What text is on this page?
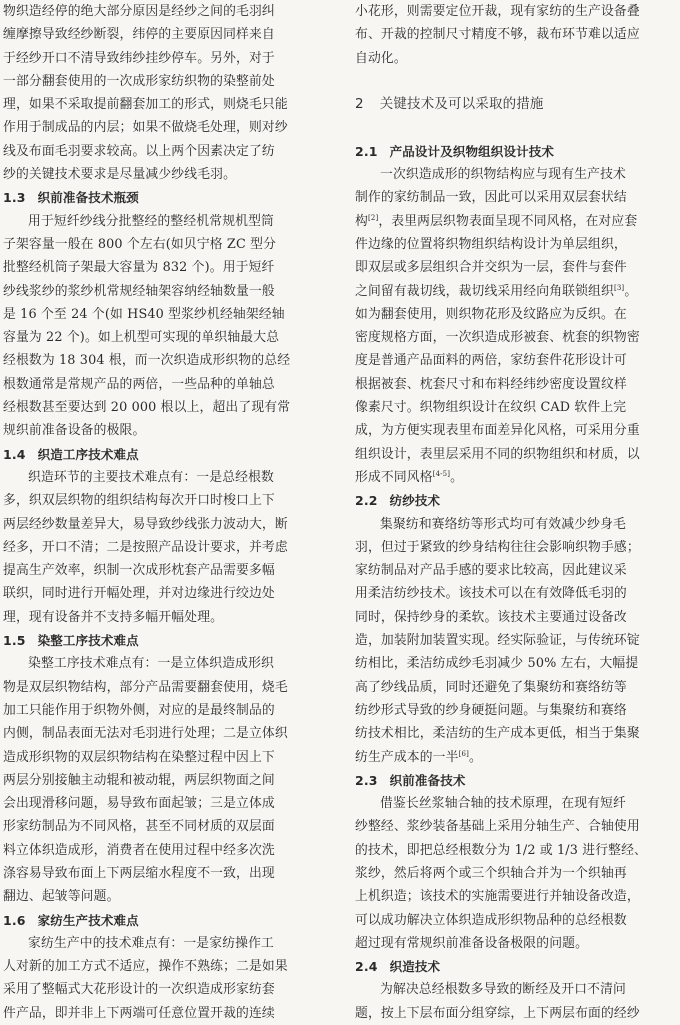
物织造经停的绝大部分原因是经纱之间的毛羽纠
缠摩擦导致经纱断裂，纬停的主要原因同样来自
于经纱开口不清导致纬纱挂纱停车。另外，对于
一部分翻套使用的一次成形家纺织物的染整前处
理，如果不采取提前翻套加工的形式，则烧毛只能
作用于制成品的内层；如果不做烧毛处理，则对纱
线及布面毛羽要求较高。以上两个因素决定了纺
纱的关键技术要求是尽量减少纱线毛羽。
1.3 织前准备技术瓶颈
用于短纤纱线分批整经的整经机常规机型筒
子架容量一般在 800 个左右(如贝宁格 ZC 型分
批整经机筒子架最大容量为 832 个)。用于短纤
纱线浆纱的浆纱机常规经轴架容纳经轴数量一般
是 16 个至 24 个(如 HS40 型浆纱机经轴架经轴
容量为 22 个)。如上机型可实现的单织轴最大总
经根数为 18 304 根，而一次织造成形织物的总经
根数通常是常规产品的两倍，一些品种的单轴总
经根数甚至要达到 20 000 根以上，超出了现有常
规织前准备设备的极限。
1.4 织造工序技术难点
织造环节的主要技术难点有：一是总经根数
多，织双层织物的组织结构每次开口时梭口上下
两层经纱数量差异大，易导致纱线张力波动大，断
经多，开口不清；二是按照产品设计要求，并考虑
提高生产效率，织制一次成形枕套产品需要多幅
联织，同时进行开幅处理，并对边缘进行绞边处
理，现有设备并不支持多幅开幅处理。
1.5 染整工序技术难点
染整工序技术难点有：一是立体织造成形织
物是双层织物结构，部分产品需要翻套使用，烧毛
加工只能作用于织物外侧，对应的是最终制品的
内侧，制品表面无法对毛羽进行处理；二是立体织
造成形织物的双层织物结构在染整过程中因上下
两层分别接触主动辊和被动辊，两层织物面之间
会出现滑移问题，易导致布面起皱；三是立体成
形家纺制品为不同风格，甚至不同材质的双层面
料立体织造成形，消费者在使用过程中经多次洗
涤容易导致布面上下两层缩水程度不一致，出现
翻边、起皱等问题。
1.6 家纺生产技术难点
家纺生产中的技术难点有：一是家纺操作工
人对新的加工方式不适应，操作不熟练；二是如果
采用了整幅式大花形设计的一次织造成形家纺套
件产品，即并非上下两端可任意位置开裁的连续
小花形，则需要定位开裁，现有家纺的生产设备叠
布、开裁的控制尺寸精度不够，裁布环节难以适应
自动化。
2 关键技术及可以采取的措施
2.1 产品设计及织物组织设计技术
一次织造成形的织物结构应与现有生产技术
制作的家纺制品一致，因此可以采用双层套状结
构[2]，表里两层织物表面呈现不同风格，在对应套
件边缘的位置将织物组织结构设计为单层组织，
即双层或多层组织合并交织为一层，套件与套件
之间留有裁切线，裁切线采用经向角联锁组织[3]。
如为翻套使用，则织物花形及纹路应为反织。在
密度规格方面，一次织造成形被套、枕套的织物密
度是普通产品面料的两倍，家纺套件花形设计可
根据被套、枕套尺寸和布料经纬纱密度设置纹样
像素尺寸。织物组织设计在纹织 CAD 软件上完
成，为方便实现表里布面差异化风格，可采用分重
组织设计，表里层采用不同的织物组织和材质，以
形成不同风格[4-5]。
2.2 纺纱技术
集聚纺和赛络纺等形式均可有效减少纱身毛
羽，但过于紧致的纱身结构往往会影响织物手感；
家纺制品对产品手感的要求比较高，因此建议采
用柔洁纺纱技术。该技术可以在有效降低毛羽的
同时，保持纱身的柔软。该技术主要通过设备改
造，加装附加装置实现。经实际验证，与传统环锭
纺相比，柔洁纺成纱毛羽减少 50% 左右，大幅提
高了纱线品质，同时还避免了集聚纺和赛络纺等
纺纱形式导致的纱身硬挺问题。与集聚纺和赛络
纺技术相比，柔洁纺的生产成本更低，相当于集聚
纺生产成本的一半[6]。
2.3 织前准备技术
借鉴长丝浆轴合轴的技术原理，在现有短纤
纱整经、浆纱装备基础上采用分轴生产、合轴使用
的技术，即把总经根数分为 1/2 或 1/3 进行整经、
浆纱，然后将两个或三个织轴合并为一个织轴再
上机织造；该技术的实施需要进行并轴设备改造，
可以成功解决立体织造成形织物品种的总经根数
超过现有常规织前准备设备极限的问题。
2.4 织造技术
为解决总经根数多导致的断经及开口不清问
题，按上下层布面分组穿综，上下两层布面的经纱
